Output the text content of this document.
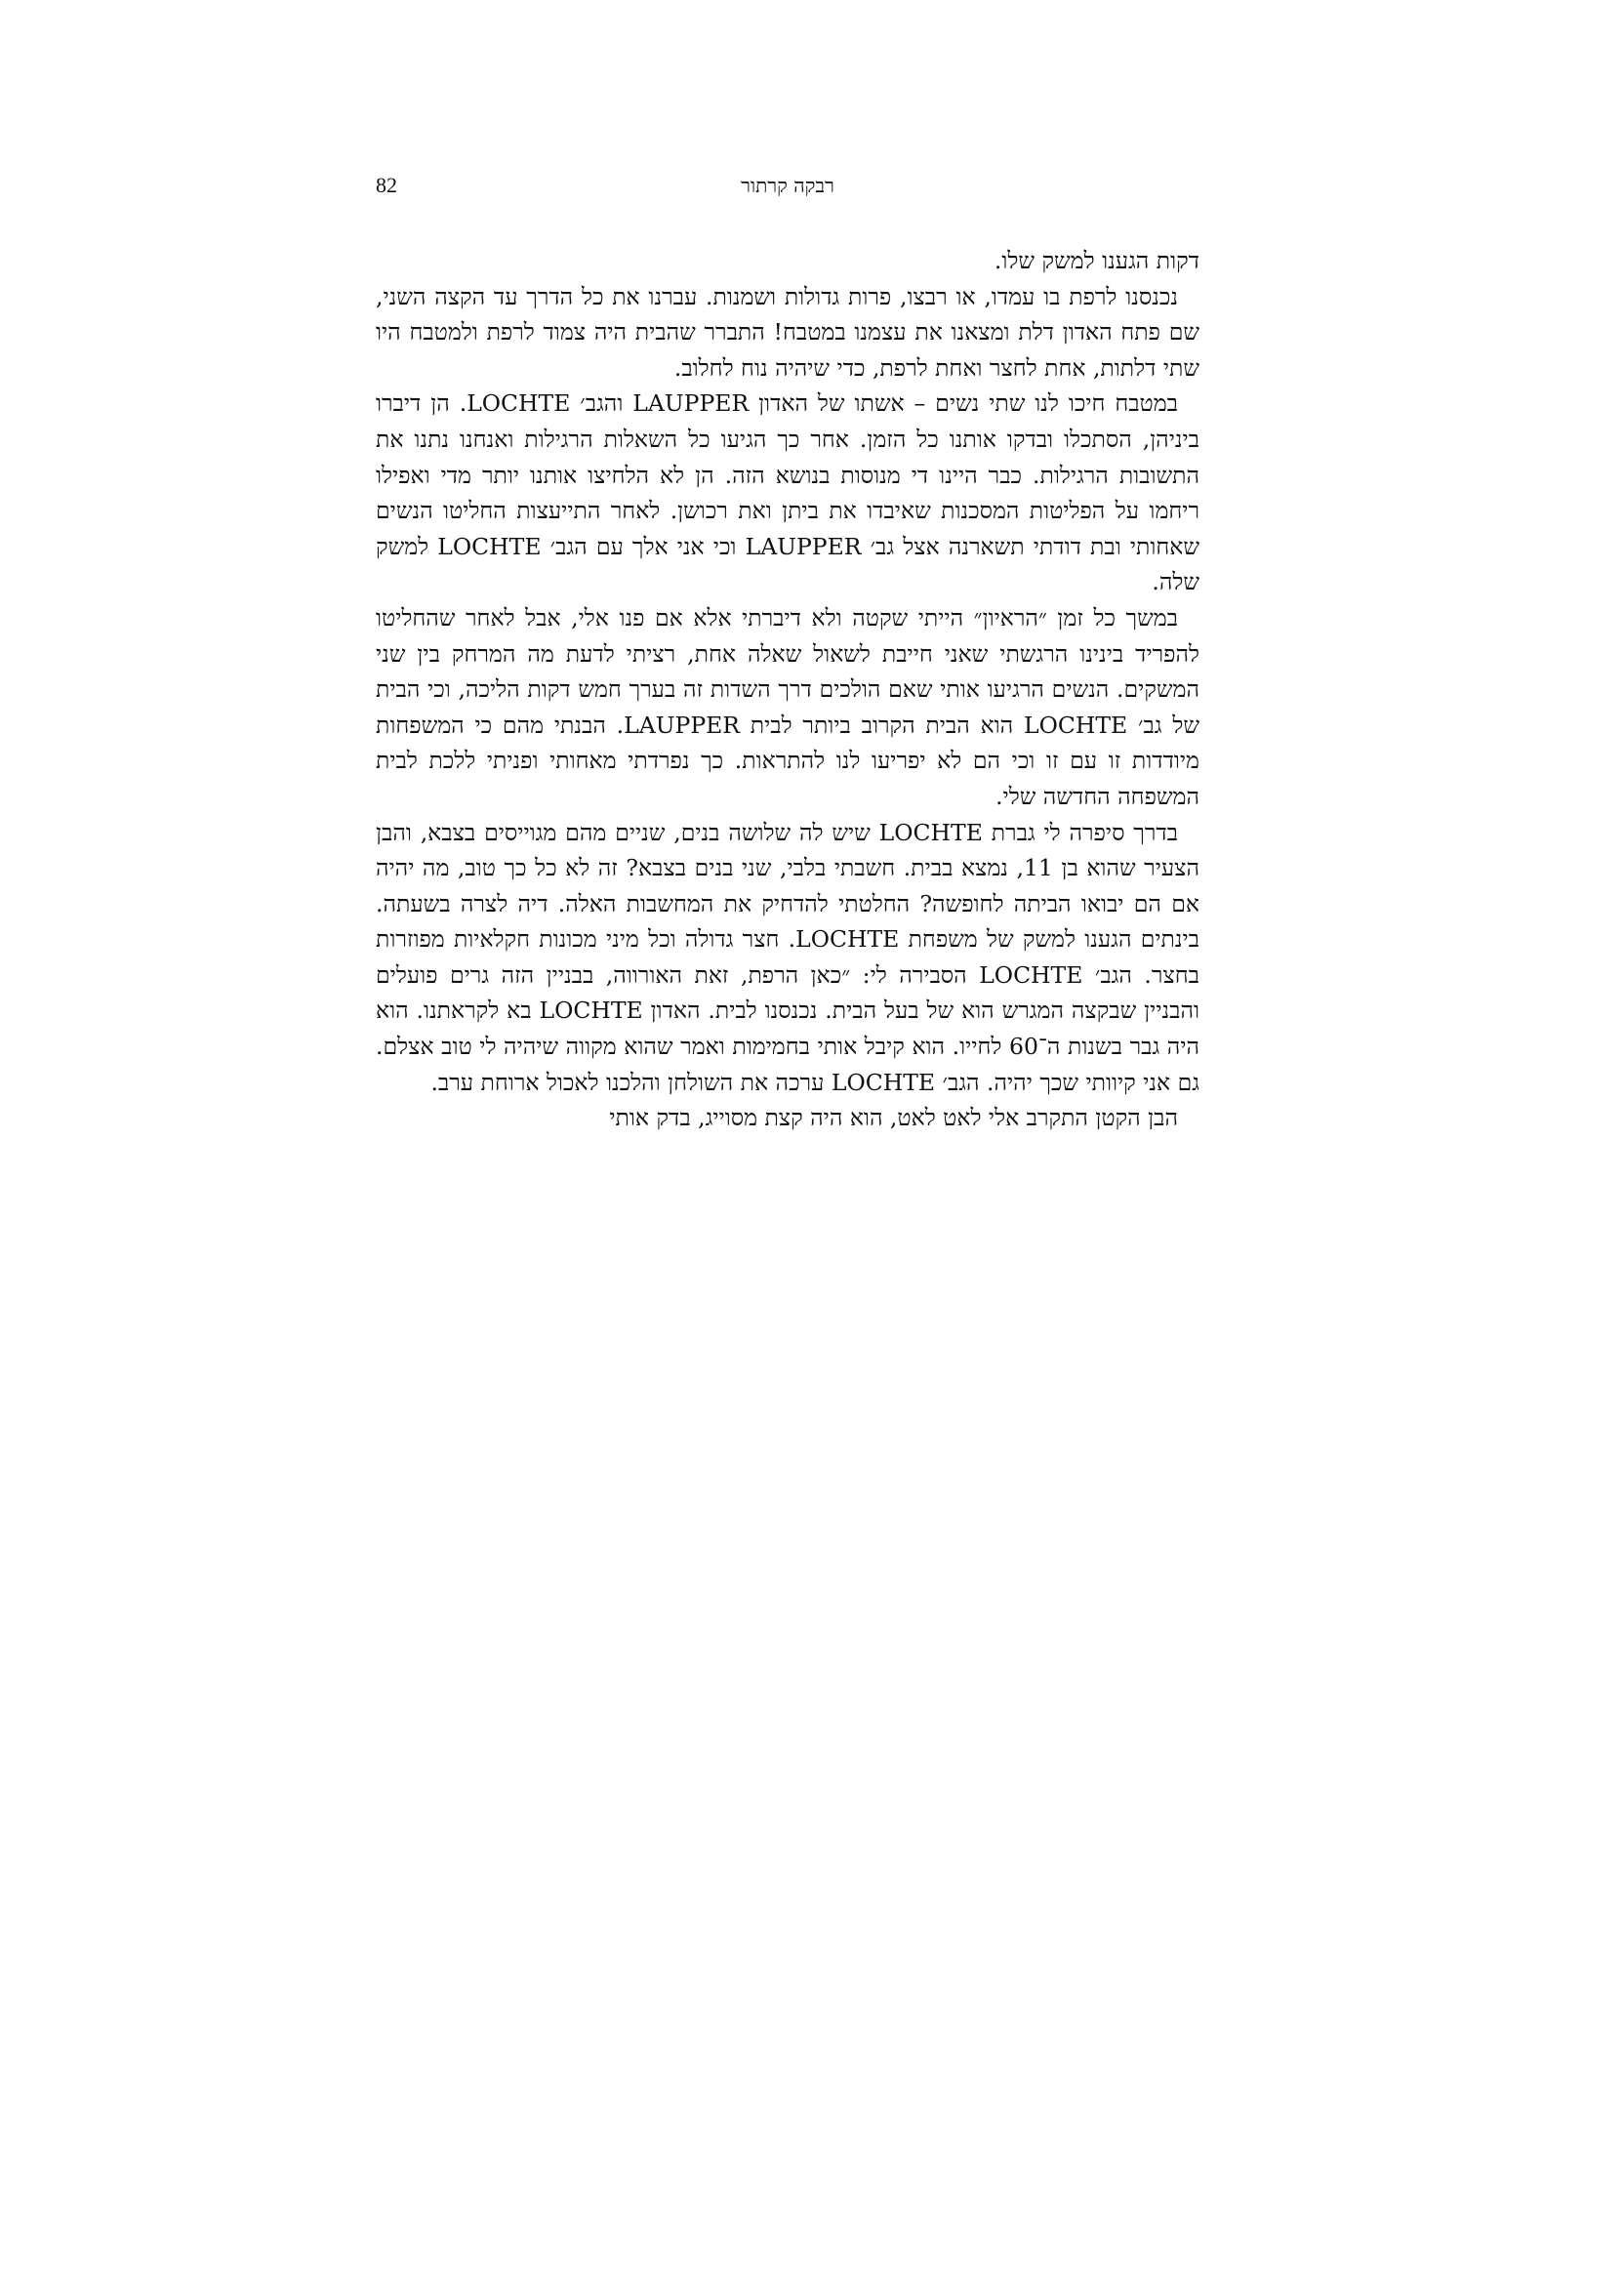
82	רבקה קרתור

דקות הגענו למשק שלו.

נכנסנו לרפת בו עמדו, או רבצו, פרות גדולות ושמנות. עברנו את כל הדרך עד הקצה השני, שם פתח האדון דלת ומצאנו את עצמנו במטבח! התברר שהבית היה צמוד לרפת ולמטבח היו שתי דלתות, אחת לחצר ואחת לרפת, כדי שיהיה נוח לחלוב.

במטבח חיכו לנו שתי נשים – אשתו של האדון LAUPPER והגב׳ LOCHTE. הן דיברו ביניהן, הסתכלו ובדקו אותנו כל הזמן. אחר כך הגיעו כל השאלות הרגילות ואנחנו נתנו את התשובות הרגילות. כבר היינו די מנוסות בנושא הזה. הן לא הלחיצו אותנו יותר מדי ואפילו ריחמו על הפליטות המסכנות שאיבדו את ביתן ואת רכושן. לאחר התייעצות החליטו הנשים שאחותי ובת דודתי תשארנה אצל גב׳ LAUPPER וכי אני אלך עם הגב׳ LOCHTE למשק שלה.

במשך כל זמן ״הראיון״ הייתי שקטה ולא דיברתי אלא אם פנו אלי, אבל לאחר שהחליטו להפריד בינינו הרגשתי שאני חייבת לשאול שאלה אחת, רציתי לדעת מה המרחק בין שני המשקים. הנשים הרגיעו אותי שאם הולכים דרך השדות זה בערך חמש דקות הליכה, וכי הבית של גב׳ LOCHTE הוא הבית הקרוב ביותר לבית LAUPPER. הבנתי מהם כי המשפחות מיודדות זו עם זו וכי הם לא יפריעו לנו להתראות. כך נפרדתי מאחותי ופניתי ללכת לבית המשפחה החדשה שלי.

בדרך סיפרה לי גברת LOCHTE שיש לה שלושה בנים, שניים מהם מגוייסים בצבא, והבן הצעיר שהוא בן 11, נמצא בבית. חשבתי בלבי, שני בנים בצבא? זה לא כל כך טוב, מה יהיה אם הם יבואו הביתה לחופשה? החלטתי להדחיק את המחשבות האלה. דיה לצרה בשעתה. בינתים הגענו למשק של משפחת LOCHTE. חצר גדולה וכל מיני מכונות חקלאיות מפוזרות בחצר. הגב׳ LOCHTE הסבירה לי: ״כאן הרפת, זאת האורווה, בבניין הזה גרים פועלים והבניין שבקצה המגרש הוא של בעל הבית. נכנסנו לבית. האדון LOCHTE בא לקראתנו. הוא היה גבר בשנות ה־60 לחייו. הוא קיבל אותי בחמימות ואמר שהוא מקווה שיהיה לי טוב אצלם. גם אני קיוותי שכך יהיה. הגב׳ LOCHTE ערכה את השולחן והלכנו לאכול ארוחת ערב.

הבן הקטן התקרב אלי לאט לאט, הוא היה קצת מסוייג, בדק אותי
